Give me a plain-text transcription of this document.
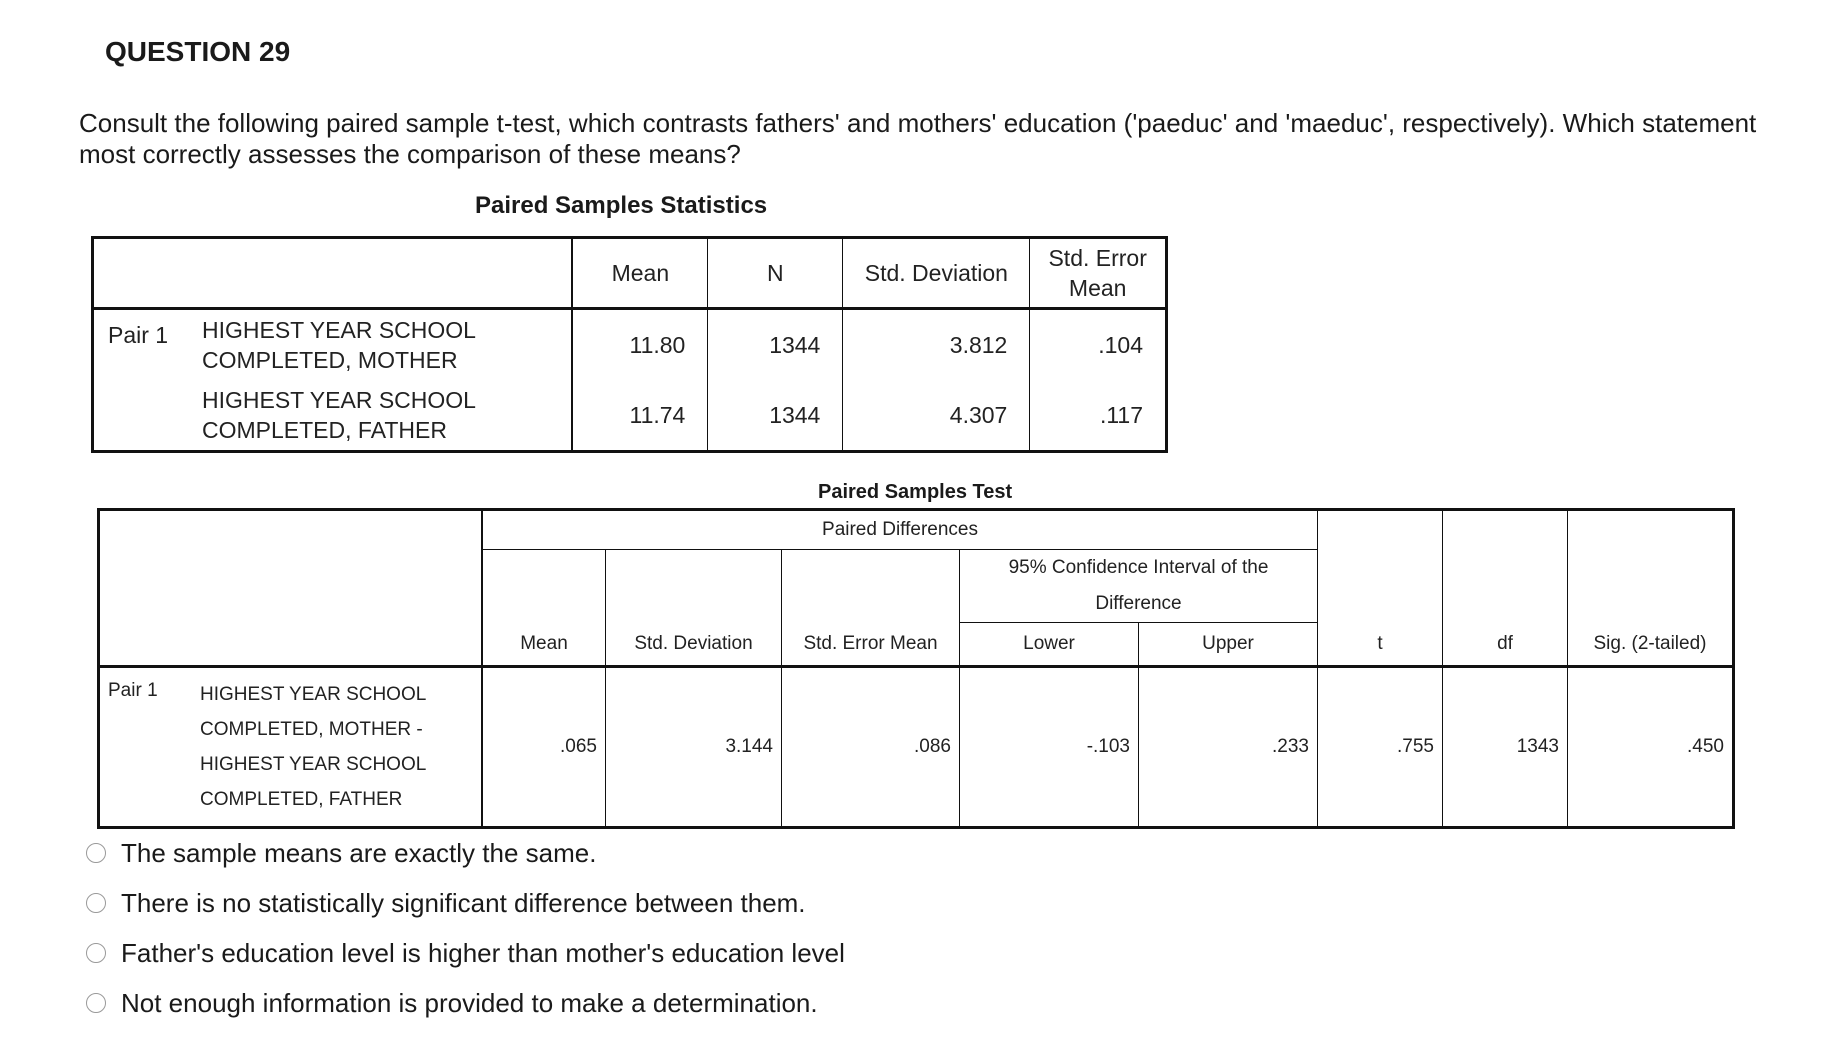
QUESTION 29
Consult the following paired sample t-test, which contrasts fathers' and mothers' education ('paeduc' and 'maeduc', respectively). Which statement most correctly assesses the comparison of these means?
Paired Samples Statistics
		Mean	N	Std. Deviation	Std. Error
Mean
Pair 1	HIGHEST YEAR SCHOOL
COMPLETED, MOTHER	11.80	1344	3.812	.104
	HIGHEST YEAR SCHOOL
COMPLETED, FATHER	11.74	1344	4.307	.117
Paired Samples Test
		Paired Differences							
		Mean	Std. Deviation	Std. Error Mean	95% Confidence Interval of the
Difference				
					Lower	Upper	t	df	Sig. (2-tailed)
Pair 1	HIGHEST YEAR SCHOOL
COMPLETED, MOTHER -
HIGHEST YEAR SCHOOL
COMPLETED, FATHER	.065	3.144	.086	-.103	.233	.755	1343	.450
The sample means are exactly the same.
There is no statistically significant difference between them.
Father's education level is higher than mother's education level
Not enough information is provided to make a determination.
